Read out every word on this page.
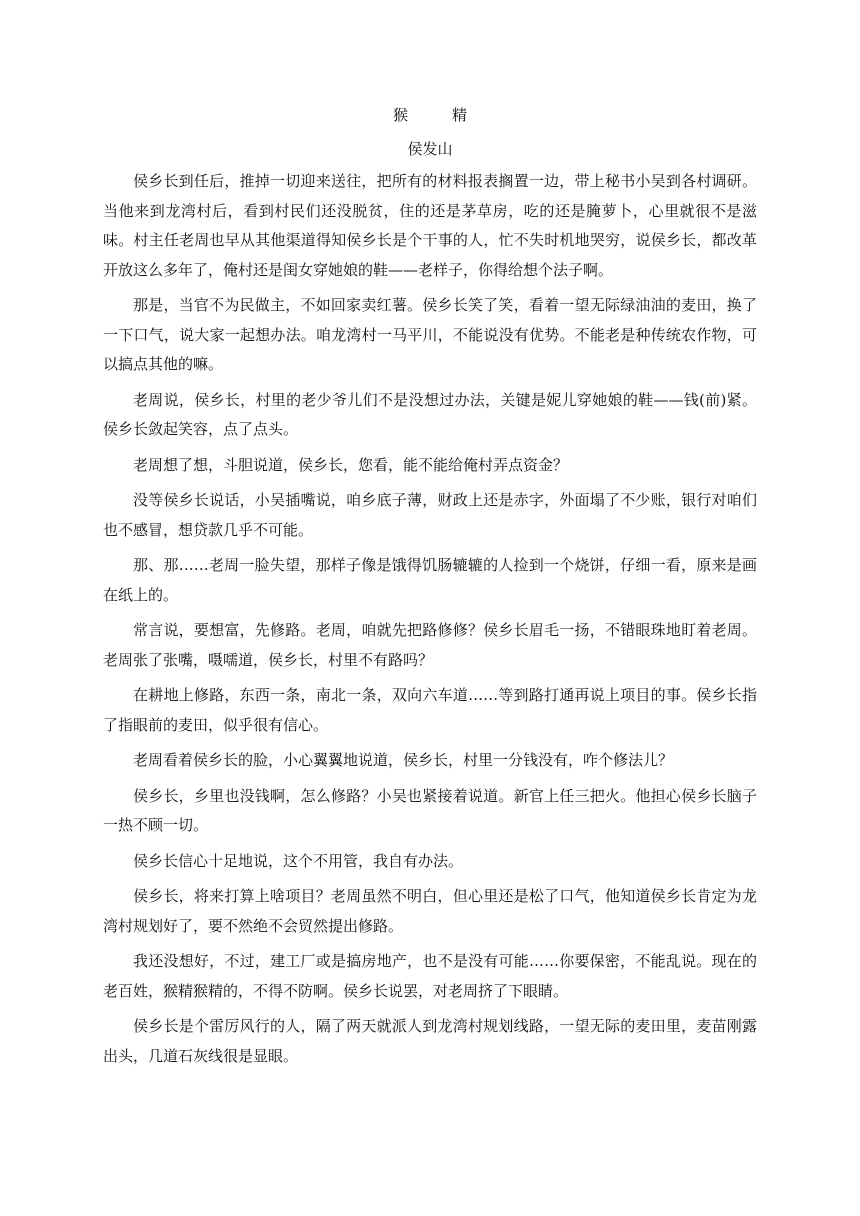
猴	精
侯发山

侯乡长到任后，推掉一切迎来送往，把所有的材料报表搁置一边，带上秘书小吴到各村调研。当他来到龙湾村后，看到村民们还没脱贫，住的还是茅草房，吃的还是腌萝卜，心里就很不是滋味。村主任老周也早从其他渠道得知侯乡长是个干事的人，忙不失时机地哭穷，说侯乡长，都改革开放这么多年了，俺村还是闺女穿她娘的鞋——老样子，你得给想个法子啊。

那是，当官不为民做主，不如回家卖红薯。侯乡长笑了笑，看着一望无际绿油油的麦田，换了一下口气，说大家一起想办法。咱龙湾村一马平川，不能说没有优势。不能老是种传统农作物，可以搞点其他的嘛。

老周说，侯乡长，村里的老少爷儿们不是没想过办法，关键是妮儿穿她娘的鞋——钱(前)紧。侯乡长敛起笑容，点了点头。

老周想了想，斗胆说道，侯乡长，您看，能不能给俺村弄点资金？

没等侯乡长说话，小吴插嘴说，咱乡底子薄，财政上还是赤字，外面塌了不少账，银行对咱们也不感冒，想贷款几乎不可能。

那、那……老周一脸失望，那样子像是饿得饥肠辘辘的人捡到一个烧饼，仔细一看，原来是画在纸上的。

常言说，要想富，先修路。老周，咱就先把路修修？侯乡长眉毛一扬，不错眼珠地盯着老周。老周张了张嘴，嗫嚅道，侯乡长，村里不有路吗？

在耕地上修路，东西一条，南北一条，双向六车道……等到路打通再说上项目的事。侯乡长指了指眼前的麦田，似乎很有信心。

老周看着侯乡长的脸，小心翼翼地说道，侯乡长，村里一分钱没有，咋个修法儿？

侯乡长，乡里也没钱啊，怎么修路？小吴也紧接着说道。新官上任三把火。他担心侯乡长脑子一热不顾一切。

侯乡长信心十足地说，这个不用管，我自有办法。

侯乡长，将来打算上啥项目？老周虽然不明白，但心里还是松了口气，他知道侯乡长肯定为龙湾村规划好了，要不然绝不会贸然提出修路。

我还没想好，不过，建工厂或是搞房地产，也不是没有可能……你要保密，不能乱说。现在的老百姓，猴精猴精的，不得不防啊。侯乡长说罢，对老周挤了下眼睛。

侯乡长是个雷厉风行的人，隔了两天就派人到龙湾村规划线路，一望无际的麦田里，麦苗刚露出头，几道石灰线很是显眼。
